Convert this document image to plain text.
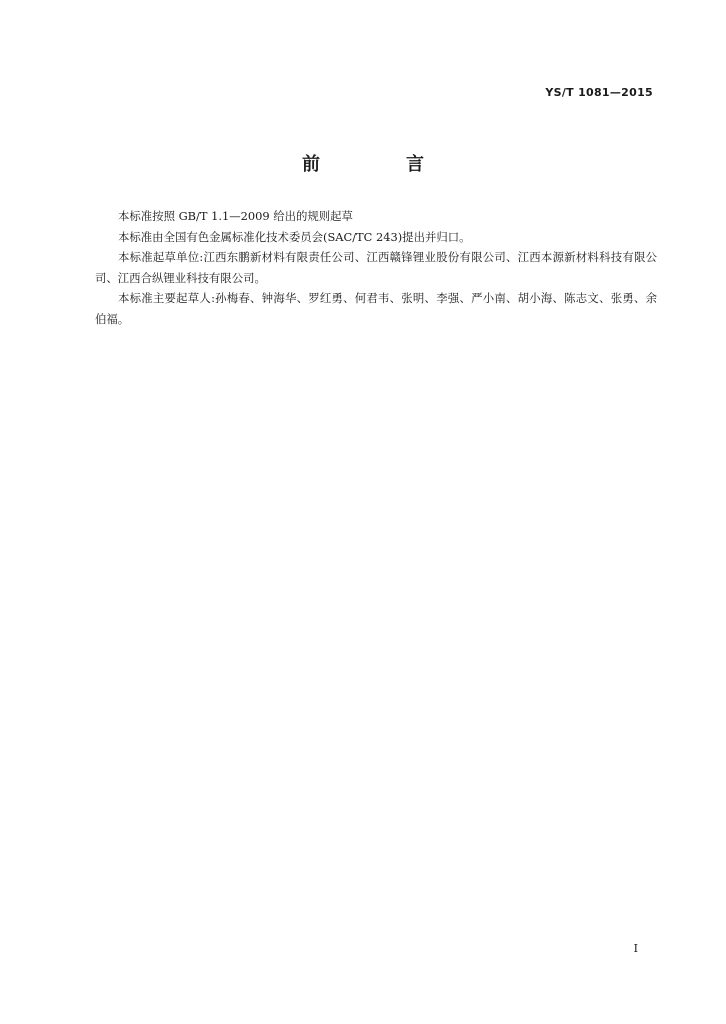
YS/T 1081—2015
前　言

本标准按照 GB/T 1.1—2009 给出的规则起草

本标准由全国有色金属标准化技术委员会(SAC/TC 243)提出并归口。

本标准起草单位:江西东鹏新材料有限责任公司、江西赣锋锂业股份有限公司、江西本源新材料科技有限公司、江西合纵锂业科技有限公司。

本标准主要起草人:孙梅春、钟海华、罗红勇、何君韦、张明、李强、严小南、胡小海、陈志文、张勇、余伯福。

I
